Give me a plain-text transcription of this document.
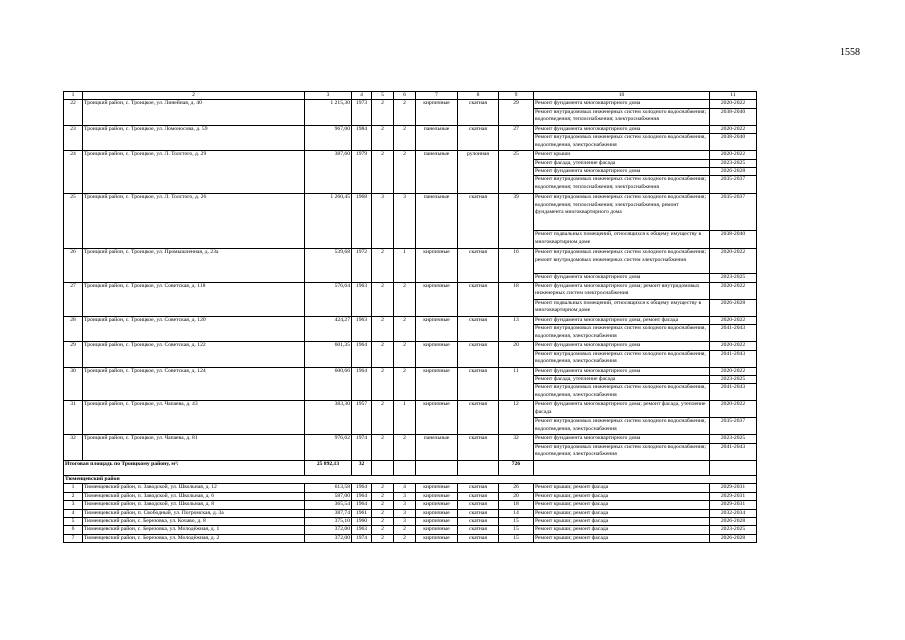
1558
1	2	3	4	5	6	7	8	9	10	11
22	Троицкий район, с. Троицкое, ул. Линейная, д. 40	1 215,30	1973	2	2	кирпичные	скатная	29	Ремонт фундамента многоквартирного дома	2020-2022
									Ремонт внутридомовых инженерных систем холодного водоснабжения; водоотведения; теплоснабжения; электроснабжения	2038-2040
23	Троицкий район, с. Троицкое, ул. Ломоносова, д. 59	967,00	1984	2	2	панельные	скатная	27	Ремонт фундамента многоквартирного дома	2020-2022
									Ремонт внутридомовых инженерных систем холодного водоснабжения, водоотведения, электроснабжения	2038-2040
24	Троицкий район, с. Троицкое, ул. Л. Толстого, д. 29	387,60	1979	2	2	панельные	рулонная	25	Ремонт крыши	2020-2022
									Ремонт фасада, утепление фасада	2023-2025
									Ремонт фундамента многоквартирного дома	2026-2028
									Ремонт внутридомовых инженерных систем холодного водоснабжения; водоотведения; теплоснабжения; электроснабжения	2035-2037
25	Троицкий район, с. Троицкое, ул. Л. Толстого, д. 26	1 260,45	1968	3	3	панельные	скатная	39	Ремонт внутридомовых инженерных систем холодного водоснабжения; водоотведения; теплоснабжения; электроснабжения, ремонт фундамента многоквартирного дома	2035-2037
									Ремонт подвальных помещений, относящихся к общему имуществу в многоквартирном доме	2038-2040
26	Троицкий район, с. Троицкое, ул. Промышленная, д. 23а	539,68	1972	2	1	кирпичные	скатная	16	Ремонт внутридомовых инженерных систем холодного водоснабжения; ремонт внутридомовых инженерных систем электроснабжения	2020-2022
									Ремонт фундамента многоквартирного дома	2023-2025
27	Троицкий район, с. Троицкое, ул. Советская, д. 118	576,64	1963	2	2	кирпичные	скатная	18	Ремонт фундамента многоквартирного дома; ремонт внутридомовых инженерных систем электроснабжения	2020-2022
									Ремонт подвальных помещений, относящихся к общему имуществу в многоквартирном доме	2026-2028
28	Троицкий район, с. Троицкое, ул. Советская, д. 120	424,27	1963	2	2	кирпичные	скатная	13	Ремонт фундамента многоквартирного дома, ремонт фасада	2020-2022
									Ремонт внутридомовых инженерных систем холодного водоснабжения, водоотведения, электроснабжения	2041-2043
29	Троицкий район, с. Троицкое, ул. Советская, д. 122	601,35	1964	2	2	кирпичные	скатная	20	Ремонт фундамента многоквартирного дома	2020-2022
									Ремонт внутридомовых инженерных систем холодного водоснабжения, водоотведения, электроснабжения	2041-2043
30	Троицкий район, с. Троицкое, ул. Советская, д. 124	600,66	1964	2	2	кирпичные	скатная	11	Ремонт фундамента многоквартирного дома	2020-2022
									Ремонт фасада, утепление фасада	2023-2025
									Ремонт внутридомовых инженерных систем холодного водоснабжения, водоотведения, электроснабжения	2041-2043
31	Троицкий район, с. Троицкое, ул. Чапаева, д. 43	383,30	1957	2	1	кирпичные	скатная	12	Ремонт фундамента многоквартирного дома; ремонт фасада, утепление фасада	2020-2022
									Ремонт внутридомовых инженерных систем холодного водоснабжения, водоотведения, электроснабжения	2035-2037
32	Троицкий район, с. Троицкое, ул. Чапаева, д. 81	976,62	1974	2	2	панельные	скатная	32	Ремонт фундамента многоквартирного дома	2023-2025
									Ремонт внутридомовых инженерных систем холодного водоснабжения; водоотведения; электроснабжения	2041-2043
Итоговая площадь по Троицкому району, м²:		25 892,13	32					726		
Тюменцевский район										
1	Тюменцевский район, п. Заводской, ул. Школьная, д. 12	613,58	1964	2	4	кирпичные	скатная	26	Ремонт крыши; ремонт фасада	2029-2031
2	Тюменцевский район, п. Заводской, ул. Школьная, д. 6	587,00	1964	2	3	кирпичные	скатная	20	Ремонт крыши; ремонт фасада	2029-2031
3	Тюменцевский район, п. Заводской, ул. Школьная, д. 8	365,54	1964	2	3	кирпичные	скатная	18	Ремонт крыши; ремонт фасада	2029-2031
4	Тюменцевский район, п. Свободный, ул. Погромская, д. 3а	387,74	1961	2	3	кирпичные	скатная	14	Ремонт крыши; ремонт фасада	2032-2034
5	Тюменцевский район, с. Березовка, ул. Кочаво, д. 8	375,10	1960	2	3	кирпичные	скатная	15	Ремонт крыши; ремонт фасада	2026-2028
6	Тюменцевский район, с. Березовка, ул. Молодёжная, д. 1	372,00	1963	2	2	кирпичные	скатная	15	Ремонт крыши; ремонт фасада	2023-2025
7	Тюменцевский район, с. Березовка, ул. Молодёжная, д. 2	372,00	1974	2	2	кирпичные	скатная	15	Ремонт крыши; ремонт фасада	2026-2028
